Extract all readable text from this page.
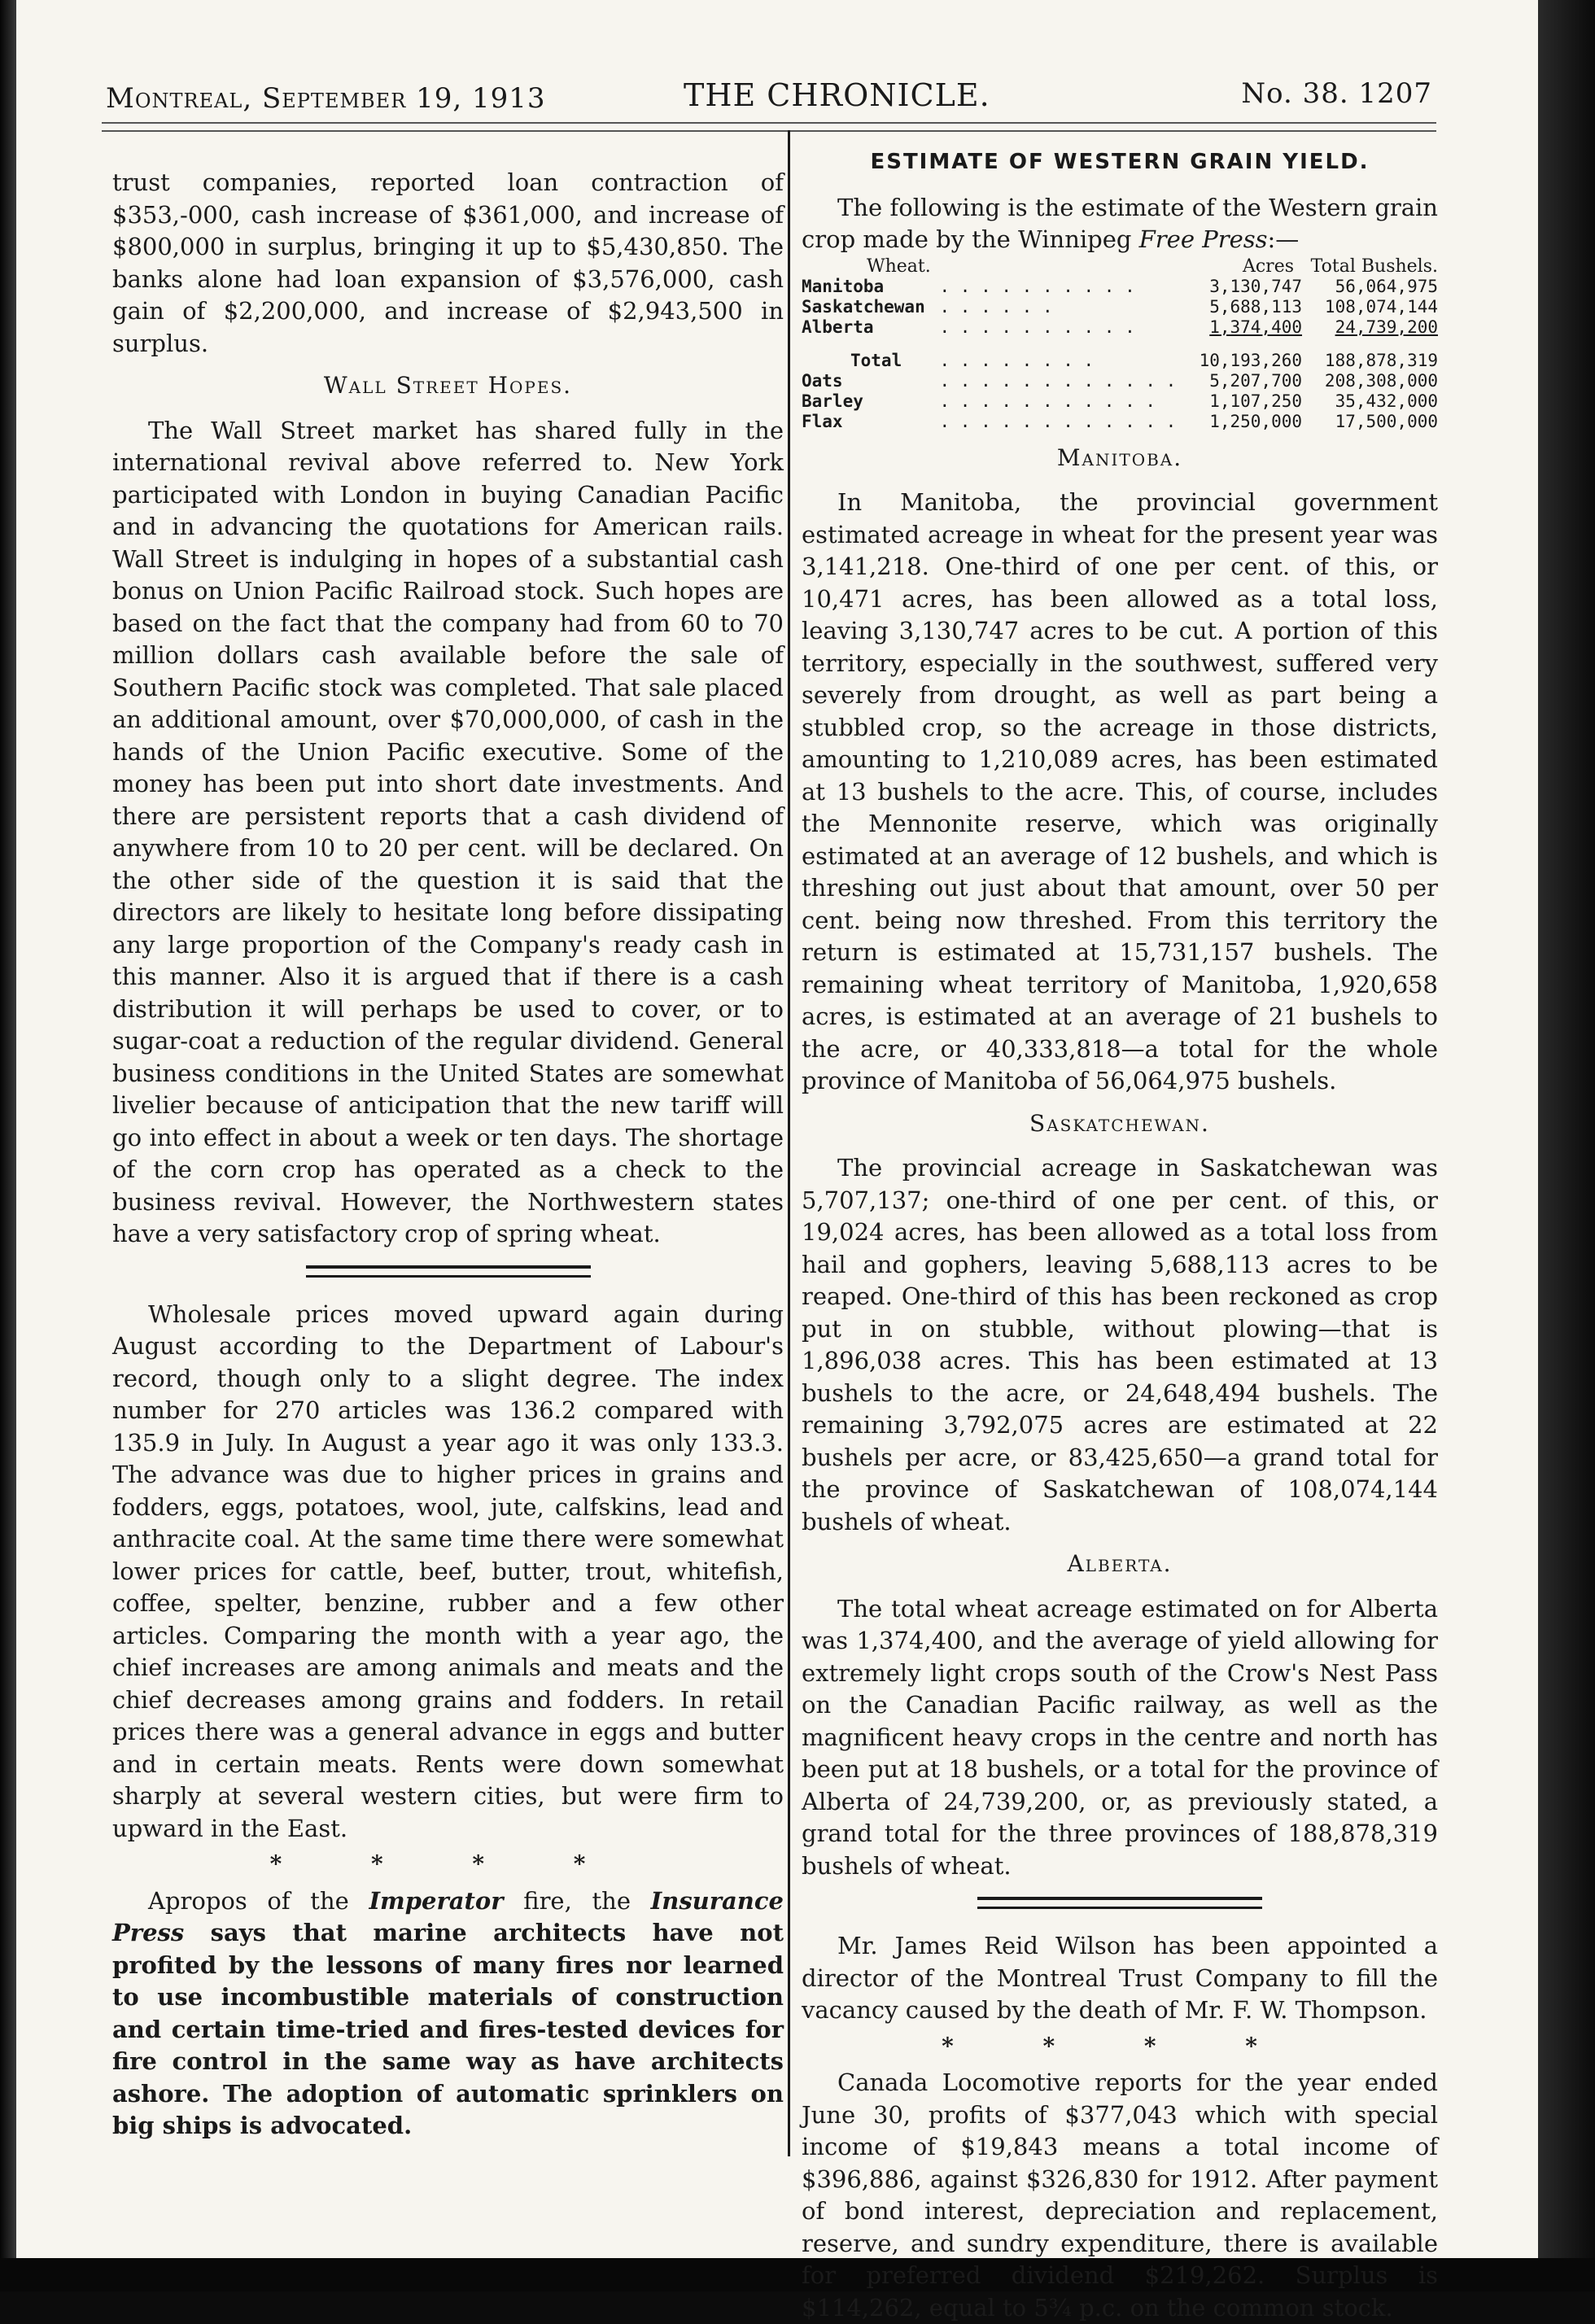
Montreal, September 19, 1913	THE CHRONICLE.	No. 38. 1207

trust companies, reported loan contraction of $353,-000, cash increase of $361,000, and increase of $800,000 in surplus, bringing it up to $5,430,850. The banks alone had loan expansion of $3,576,000, cash gain of $2,200,000, and increase of $2,943,500 in surplus.

Wall Street Hopes.

The Wall Street market has shared fully in the international revival above referred to. New York participated with London in buying Canadian Pacific and in advancing the quotations for American rails. Wall Street is indulging in hopes of a substantial cash bonus on Union Pacific Railroad stock. Such hopes are based on the fact that the company had from 60 to 70 million dollars cash available before the sale of Southern Pacific stock was completed. That sale placed an additional amount, over $70,000,000, of cash in the hands of the Union Pacific executive. Some of the money has been put into short date investments. And there are persistent reports that a cash dividend of anywhere from 10 to 20 per cent. will be declared. On the other side of the question it is said that the directors are likely to hesitate long before dissipating any large proportion of the Company's ready cash in this manner. Also it is argued that if there is a cash distribution it will perhaps be used to cover, or to sugar-coat a reduction of the regular dividend. General business conditions in the United States are somewhat livelier because of anticipation that the new tariff will go into effect in about a week or ten days. The shortage of the corn crop has operated as a check to the business revival. However, the Northwestern states have a very satisfactory crop of spring wheat.

Wholesale prices moved upward again during August according to the Department of Labour's record, though only to a slight degree. The index number for 270 articles was 136.2 compared with 135.9 in July. In August a year ago it was only 133.3. The advance was due to higher prices in grains and fodders, eggs, potatoes, wool, jute, calfskins, lead and anthracite coal. At the same time there were somewhat lower prices for cattle, beef, butter, trout, whitefish, coffee, spelter, benzine, rubber and a few other articles. Comparing the month with a year ago, the chief increases are among animals and meats and the chief decreases among grains and fodders. In retail prices there was a general advance in eggs and butter and in certain meats. Rents were down somewhat sharply at several western cities, but were firm to upward in the East.

* * * *

Apropos of the Imperator fire, the Insurance Press says that marine architects have not profited by the lessons of many fires nor learned to use incombustible materials of construction and certain time-tried and fires-tested devices for fire control in the same way as have architects ashore. The adoption of automatic sprinklers on big ships is advocated.

ESTIMATE OF WESTERN GRAIN YIELD.

The following is the estimate of the Western grain crop made by the Winnipeg Free Press:—

Wheat.		Acres	Total Bushels.
Manitoba	. . . . . . . . . .	3,130,747	56,064,975
Saskatchewan	. . . . . .	5,688,113	108,074,144
Alberta	. . . . . . . . . .	1,374,400	24,739,200

Total	. . . . . . . .	10,193,260	188,878,319
Oats	. . . . . . . . . . . .	5,207,700	208,308,000
Barley	. . . . . . . . . . .	1,107,250	35,432,000
Flax	. . . . . . . . . . . .	1,250,000	17,500,000
Manitoba.

In Manitoba, the provincial government estimated acreage in wheat for the present year was 3,141,218. One-third of one per cent. of this, or 10,471 acres, has been allowed as a total loss, leaving 3,130,747 acres to be cut. A portion of this territory, especially in the southwest, suffered very severely from drought, as well as part being a stubbled crop, so the acreage in those districts, amounting to 1,210,089 acres, has been estimated at 13 bushels to the acre. This, of course, includes the Mennonite reserve, which was originally estimated at an average of 12 bushels, and which is threshing out just about that amount, over 50 per cent. being now threshed. From this territory the return is estimated at 15,731,157 bushels. The remaining wheat territory of Manitoba, 1,920,658 acres, is estimated at an average of 21 bushels to the acre, or 40,333,818—a total for the whole province of Manitoba of 56,064,975 bushels.

Saskatchewan.

The provincial acreage in Saskatchewan was 5,707,137; one-third of one per cent. of this, or 19,024 acres, has been allowed as a total loss from hail and gophers, leaving 5,688,113 acres to be reaped. One-third of this has been reckoned as crop put in on stubble, without plowing—that is 1,896,038 acres. This has been estimated at 13 bushels to the acre, or 24,648,494 bushels. The remaining 3,792,075 acres are estimated at 22 bushels per acre, or 83,425,650—a grand total for the province of Saskatchewan of 108,074,144 bushels of wheat.

Alberta.

The total wheat acreage estimated on for Alberta was 1,374,400, and the average of yield allowing for extremely light crops south of the Crow's Nest Pass on the Canadian Pacific railway, as well as the magnificent heavy crops in the centre and north has been put at 18 bushels, or a total for the province of Alberta of 24,739,200, or, as previously stated, a grand total for the three provinces of 188,878,319 bushels of wheat.

Mr. James Reid Wilson has been appointed a director of the Montreal Trust Company to fill the vacancy caused by the death of Mr. F. W. Thompson.

* * * *

Canada Locomotive reports for the year ended June 30, profits of $377,043 which with special income of $19,843 means a total income of $396,886, against $326,830 for 1912. After payment of bond interest, depreciation and replacement, reserve, and sundry expenditure, there is available for preferred dividend $219,262. Surplus is $114,262, equal to 5¾ p.c. on the common stock.
